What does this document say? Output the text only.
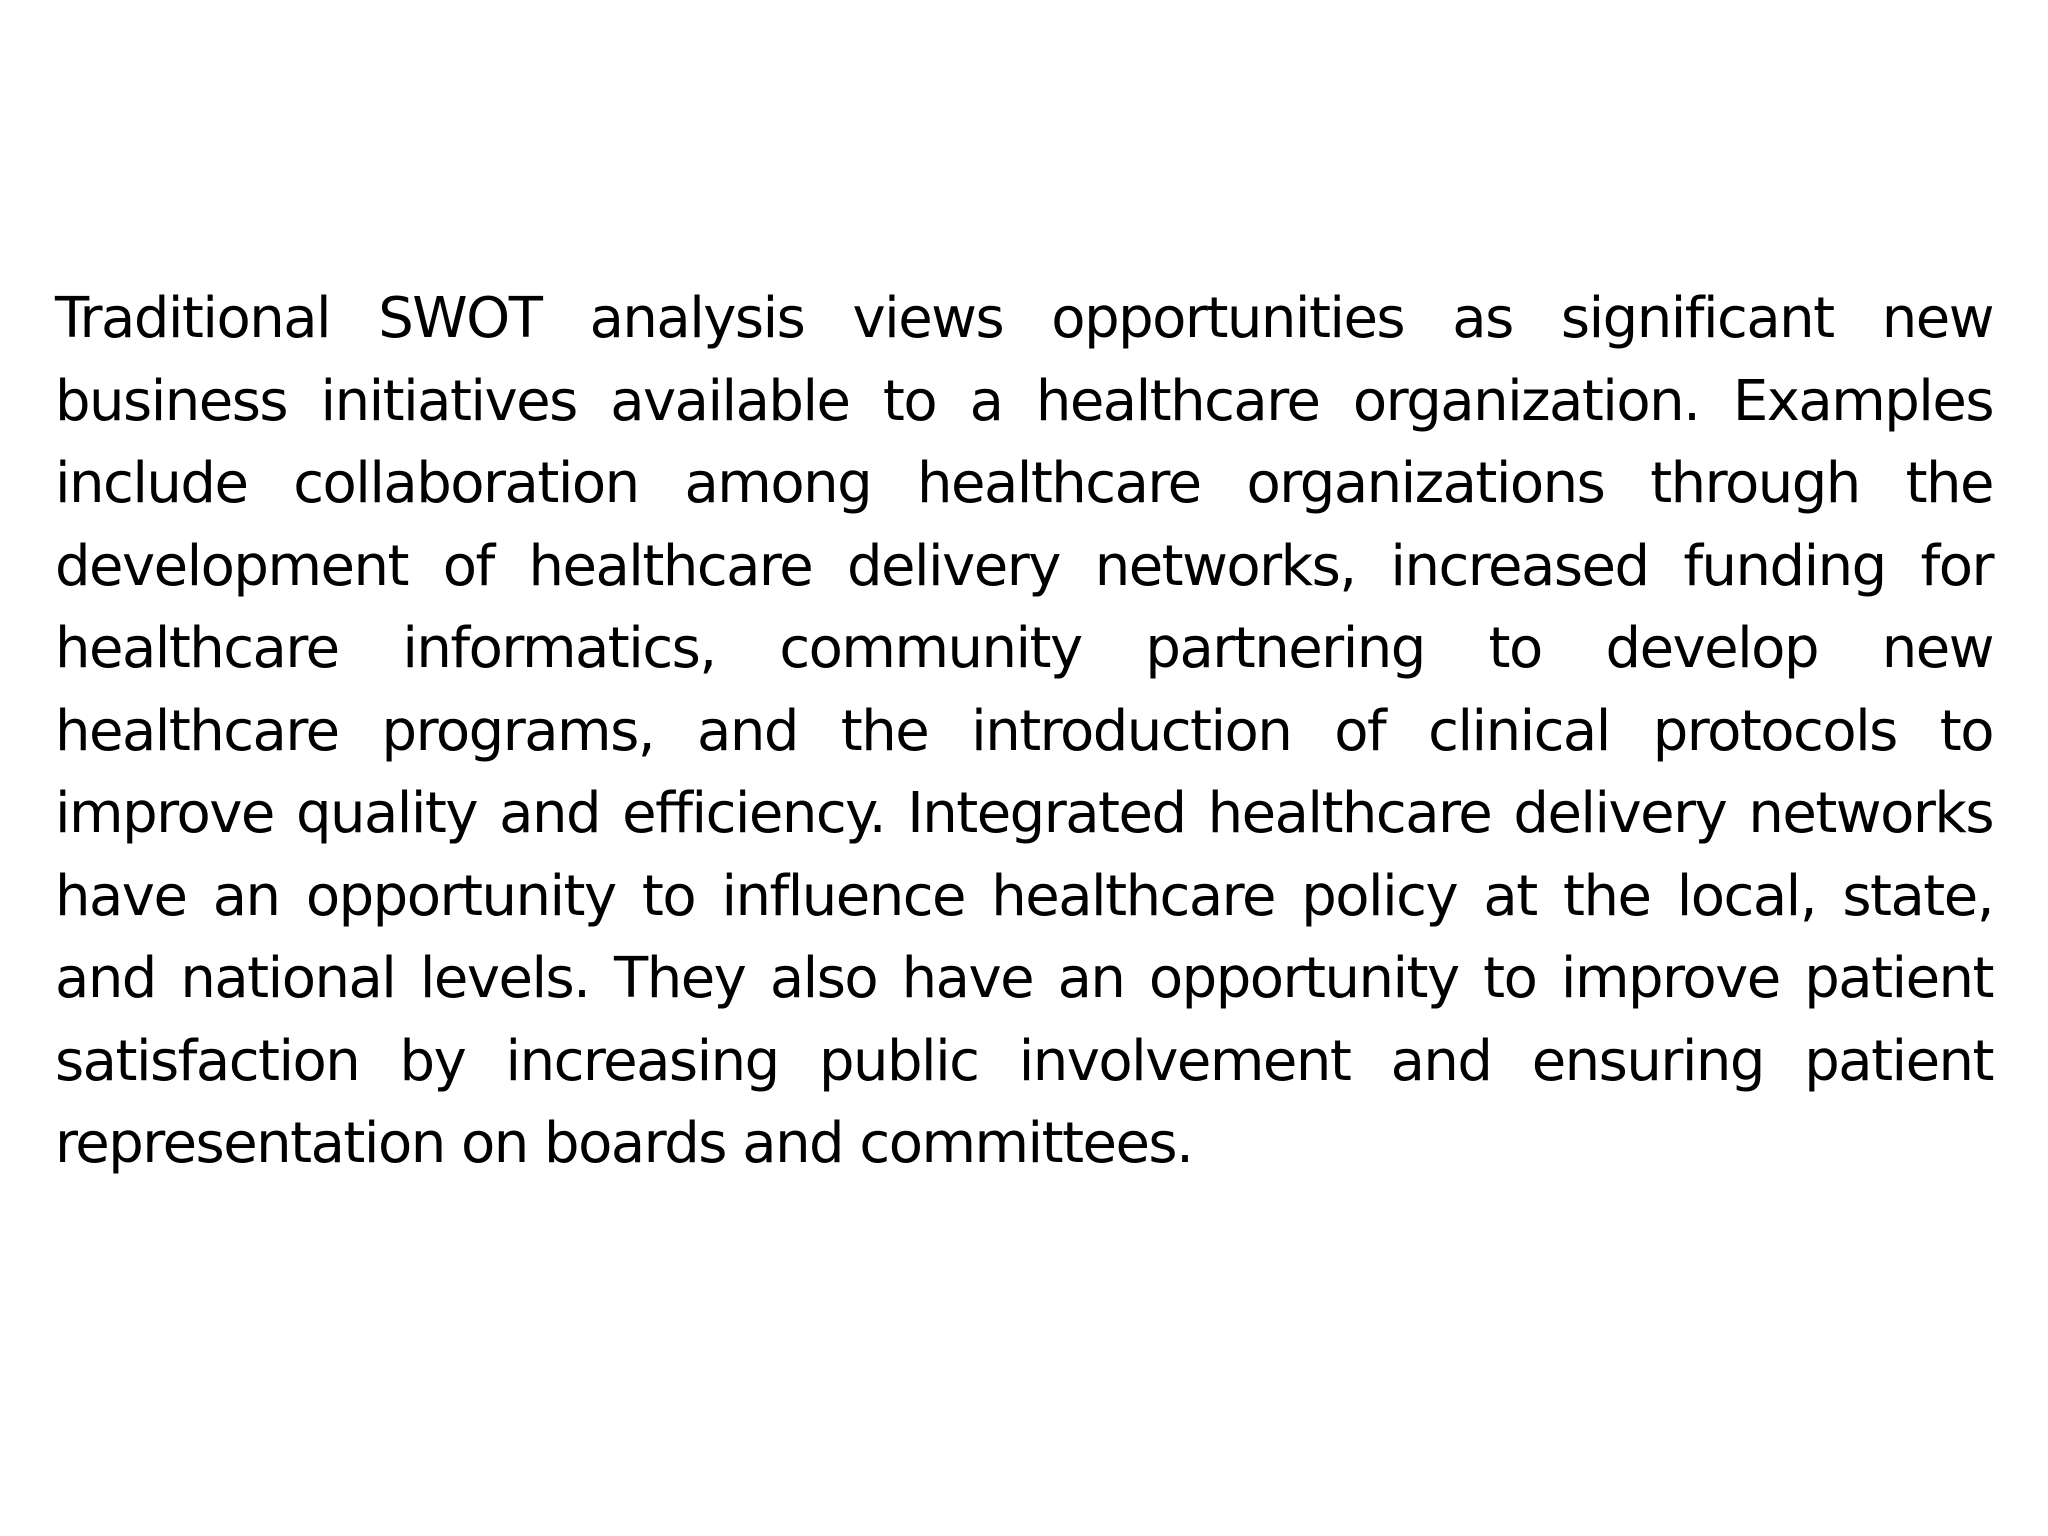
Traditional SWOT analysis views opportunities as significant new business initiatives available to a healthcare organization. Examples include collaboration among healthcare organizations through the development of healthcare delivery networks, increased funding for healthcare informatics, community partnering to develop new healthcare programs, and the introduction of clinical protocols to improve quality and efficiency. Integrated healthcare delivery networks have an opportunity to influence healthcare policy at the local, state, and national levels. They also have an opportunity to improve patient satisfaction by increasing public involvement and ensuring patient representation on boards and committees.
